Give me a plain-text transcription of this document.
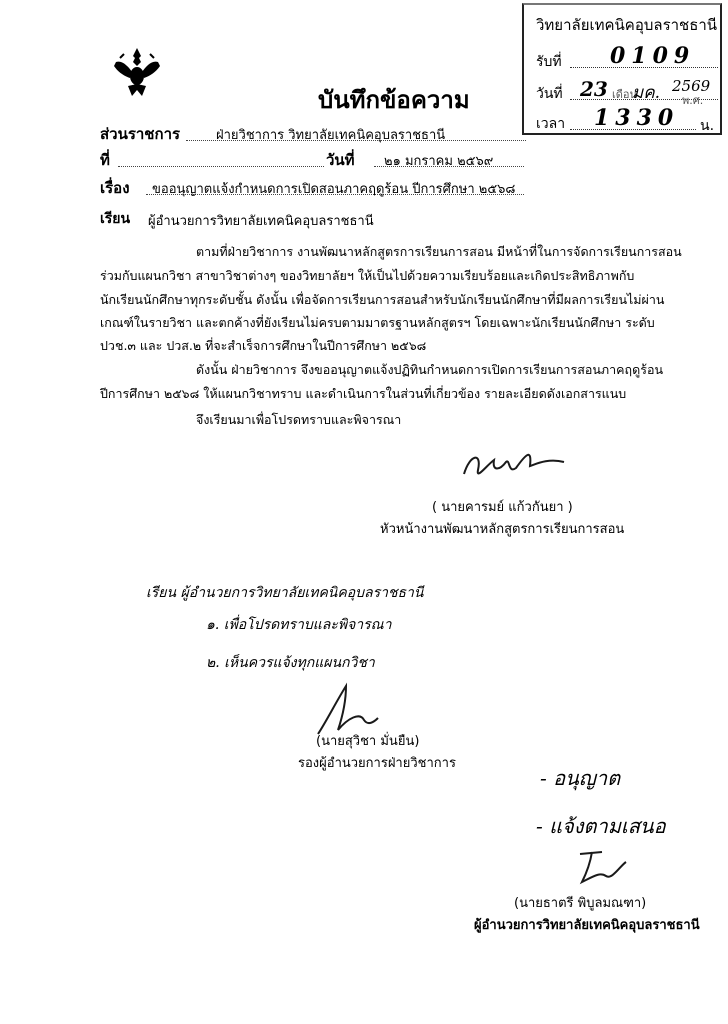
บันทึกข้อความ
วิทยาลัยเทคนิคอุบลราชธานี
รับที่ 0109
วันที่ 23 เดือน
มค. 2569
พ.ศ.
เวลา 1330 น.
ส่วนราชการ	ฝ่ายวิชาการ วิทยาลัยเทคนิคอุบลราชธานี
ที่	วันที่ ๒๑ มกราคม ๒๕๖๙
เรื่อง ขออนุญาตแจ้งกำหนดการเปิดสอนภาคฤดูร้อน ปีการศึกษา ๒๕๖๘
เรียน ผู้อำนวยการวิทยาลัยเทคนิคอุบลราชธานี
ตามที่ฝ่ายวิชาการ งานพัฒนาหลักสูตรการเรียนการสอน มีหน้าที่ในการจัดการเรียนการสอน
ร่วมกับแผนกวิชา สาขาวิชาต่างๆ ของวิทยาลัยฯ ให้เป็นไปด้วยความเรียบร้อยและเกิดประสิทธิภาพกับ
นักเรียนนักศึกษาทุกระดับชั้น ดังนั้น เพื่อจัดการเรียนการสอนสำหรับนักเรียนนักศึกษาที่มีผลการเรียนไม่ผ่าน
เกณฑ์ในรายวิชา และตกค้างที่ยังเรียนไม่ครบตามมาตรฐานหลักสูตรฯ โดยเฉพาะนักเรียนนักศึกษา ระดับ
ปวช.๓ และ ปวส.๒ ที่จะสำเร็จการศึกษาในปีการศึกษา ๒๕๖๘
ดังนั้น ฝ่ายวิชาการ จึงขออนุญาตแจ้งปฏิทินกำหนดการเปิดการเรียนการสอนภาคฤดูร้อน
ปีการศึกษา ๒๕๖๘ ให้แผนกวิชาทราบ และดำเนินการในส่วนที่เกี่ยวข้อง รายละเอียดดังเอกสารแนบ
จึงเรียนมาเพื่อโปรดทราบและพิจารณา
( นายคารมย์ แก้วกันยา )
หัวหน้างานพัฒนาหลักสูตรการเรียนการสอน
เรียน ผู้อำนวยการวิทยาลัยเทคนิคอุบลราชธานี
๑. เพื่อโปรดทราบและพิจารณา
๒. เห็นควรแจ้งทุกแผนกวิชา
(นายสุวิชา มั่นยืน)
รองผู้อำนวยการฝ่ายวิชาการ
- อนุญาต
- แจ้งตามเสนอ
(นายธาตรี พิบูลมณฑา)
ผู้อำนวยการวิทยาลัยเทคนิคอุบลราชธานี
